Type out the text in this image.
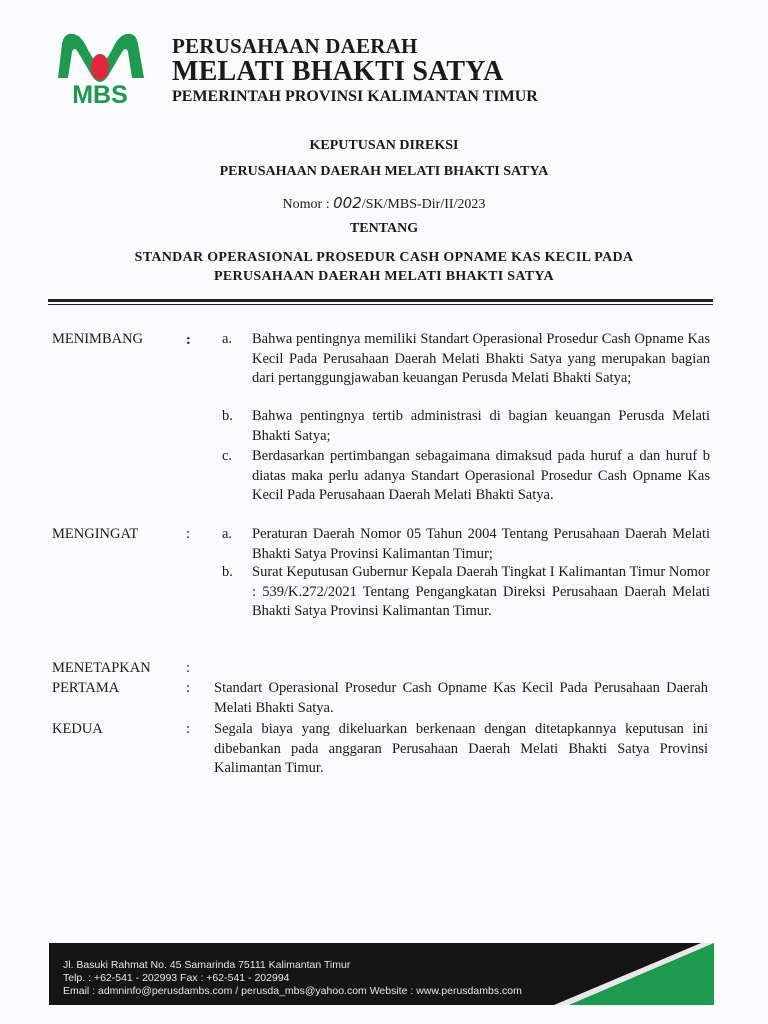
MBS
PERUSAHAAN DAERAH
MELATI BHAKTI SATYA
PEMERINTAH PROVINSI KALIMANTAN TIMUR
KEPUTUSAN DIREKSI
PERUSAHAAN DAERAH MELATI BHAKTI SATYA
Nomor : 002/SK/MBS-Dir/II/2023
TENTANG
STANDAR OPERASIONAL PROSEDUR CASH OPNAME KAS KECIL PADA
PERUSAHAAN DAERAH MELATI BHAKTI SATYA
MENIMBANG	: a. Bahwa pentingnya memiliki Standart Operasional Prosedur Cash Opname Kas Kecil Pada Perusahaan Daerah Melati Bhakti Satya yang merupakan bagian dari pertanggungjawaban keuangan Perusda Melati Bhakti Satya;
b. Bahwa pentingnya tertib administrasi di bagian keuangan Perusda Melati Bhakti Satya;
c. Berdasarkan pertimbangan sebagaimana dimaksud pada huruf a dan huruf b diatas maka perlu adanya Standart Operasional Prosedur Cash Opname Kas Kecil Pada Perusahaan Daerah Melati Bhakti Satya.
MENGINGAT	: a. Peraturan Daerah Nomor 05 Tahun 2004 Tentang Perusahaan Daerah Melati Bhakti Satya Provinsi Kalimantan Timur;
b. Surat Keputusan Gubernur Kepala Daerah Tingkat I Kalimantan Timur Nomor : 539/K.272/2021 Tentang Pengangkatan Direksi Perusahaan Daerah Melati Bhakti Satya Provinsi Kalimantan Timur.
MENETAPKAN :
PERTAMA	: Standart Operasional Prosedur Cash Opname Kas Kecil Pada Perusahaan Daerah Melati Bhakti Satya.
KEDUA	: Segala biaya yang dikeluarkan berkenaan dengan ditetapkannya keputusan ini dibebankan pada anggaran Perusahaan Daerah Melati Bhakti Satya Provinsi Kalimantan Timur.
Jl. Basuki Rahmat No. 45 Samarinda 75111 Kalimantan Timur
Telp. : +62-541 - 202993 Fax : +62-541 - 202994
Email : admninfo@perusdambs.com / perusda_mbs@yahoo.com Website : www.perusdambs.com
